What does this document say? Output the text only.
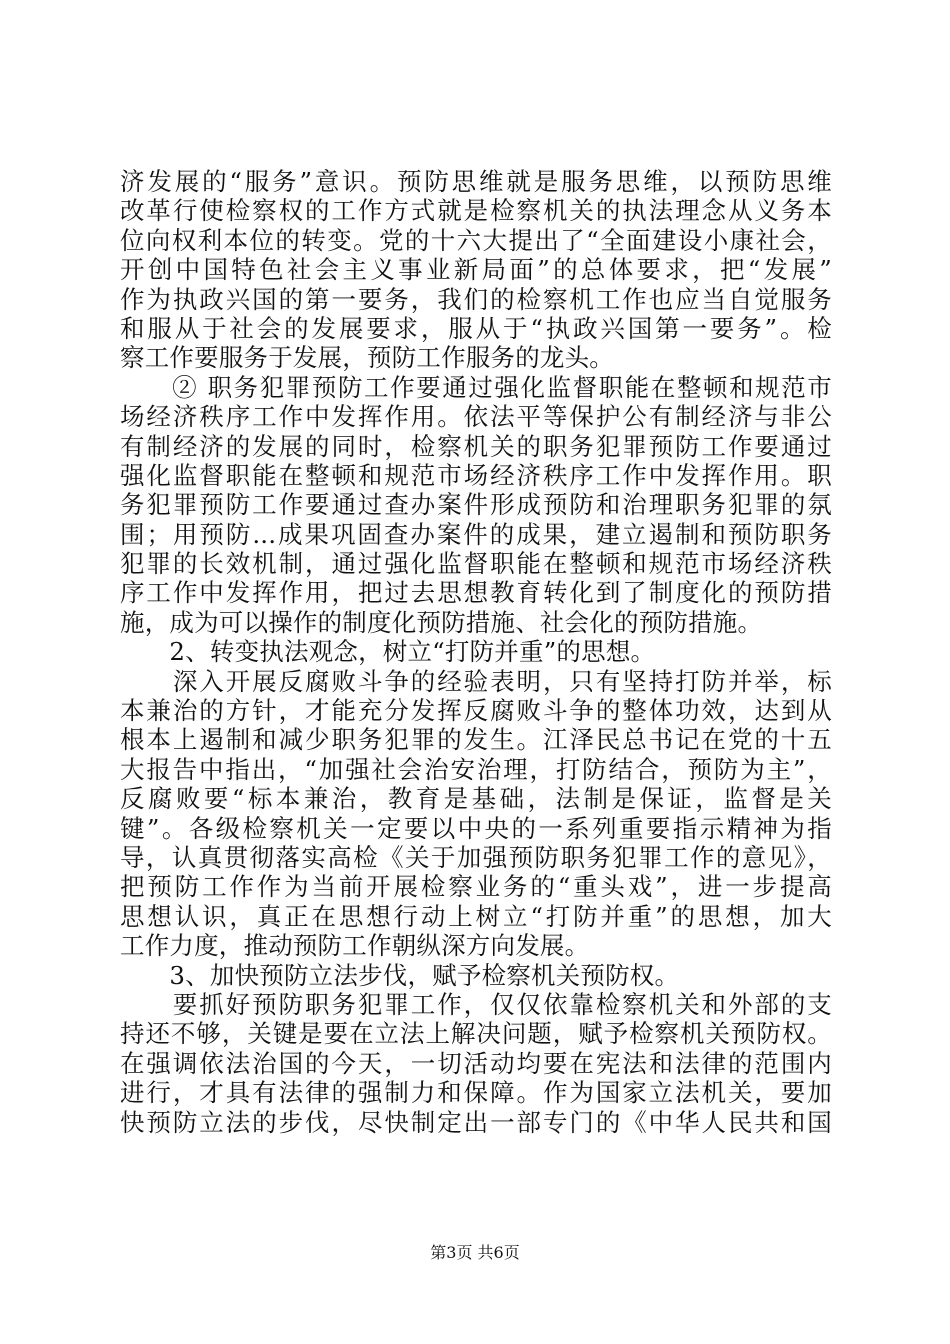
济发展的“服务”意识。预防思维就是服务思维，以预防思维
改革行使检察权的工作方式就是检察机关的执法理念从义务本
位向权利本位的转变。党的十六大提出了“全面建设小康社会，
开创中国特色社会主义事业新局面”的总体要求，把“发展”
作为执政兴国的第一要务，我们的检察机工作也应当自觉服务
和服从于社会的发展要求，服从于“执政兴国第一要务”。检
察工作要服务于发展，预防工作服务的龙头。
　　② 职务犯罪预防工作要通过强化监督职能在整顿和规范市
场经济秩序工作中发挥作用。依法平等保护公有制经济与非公
有制经济的发展的同时，检察机关的职务犯罪预防工作要通过
强化监督职能在整顿和规范市场经济秩序工作中发挥作用。职
务犯罪预防工作要通过查办案件形成预防和治理职务犯罪的氛
围；用预防...成果巩固查办案件的成果，建立遏制和预防职务
犯罪的长效机制，通过强化监督职能在整顿和规范市场经济秩
序工作中发挥作用，把过去思想教育转化到了制度化的预防措
施，成为可以操作的制度化预防措施、社会化的预防措施。
　　2、转变执法观念，树立“打防并重”的思想。
　　深入开展反腐败斗争的经验表明，只有坚持打防并举，标
本兼治的方针，才能充分发挥反腐败斗争的整体功效，达到从
根本上遏制和减少职务犯罪的发生。江泽民总书记在党的十五
大报告中指出，“加强社会治安治理，打防结合，预防为主”，
反腐败要“标本兼治，教育是基础，法制是保证，监督是关
键”。各级检察机关一定要以中央的一系列重要指示精神为指
导，认真贯彻落实高检《关于加强预防职务犯罪工作的意见》，
把预防工作作为当前开展检察业务的“重头戏”，进一步提高
思想认识，真正在思想行动上树立“打防并重”的思想，加大
工作力度，推动预防工作朝纵深方向发展。
　　3、加快预防立法步伐，赋予检察机关预防权。
　　要抓好预防职务犯罪工作，仅仅依靠检察机关和外部的支
持还不够，关键是要在立法上解决问题，赋予检察机关预防权。
在强调依法治国的今天，一切活动均要在宪法和法律的范围内
进行，才具有法律的强制力和保障。作为国家立法机关，要加
快预防立法的步伐，尽快制定出一部专门的《中华人民共和国
第3页 共6页
